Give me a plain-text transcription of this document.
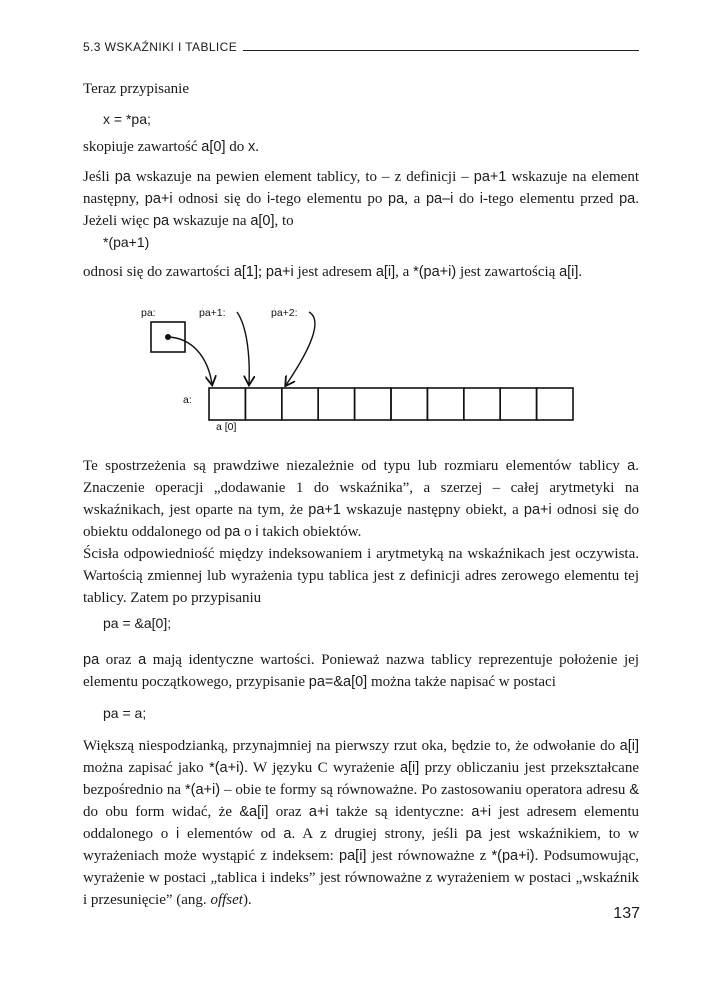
5.3 WSKAŹNIKI I TABLICE

Teraz przypisanie

x = *pa;

skopiuje zawartość a[0] do x.

Jeśli pa wskazuje na pewien element tablicy, to – z definicji – pa+1 wskazuje na element następny, pa+i odnosi się do i-tego elementu po pa, a pa–i do i-tego elementu przed pa. Jeżeli więc pa wskazuje na a[0], to

*(pa+1)

odnosi się do zawartości a[1]; pa+i jest adresem a[i], a *(pa+i) jest zawartością a[i].

pa:	pa+1:	pa+2:
a:
a [0]

Te spostrzeżenia są prawdziwe niezależnie od typu lub rozmiaru elementów tablicy a. Znaczenie operacji „dodawanie 1 do wskaźnika”, a szerzej – całej arytmetyki na wskaźnikach, jest oparte na tym, że pa+1 wskazuje następny obiekt, a pa+i odnosi się do obiektu oddalonego od pa o i takich obiektów.

Ścisła odpowiedniość między indeksowaniem i arytmetyką na wskaźnikach jest oczywista. Wartością zmiennej lub wyrażenia typu tablica jest z definicji adres zerowego elementu tej tablicy. Zatem po przypisaniu

pa = &a[0];

pa oraz a mają identyczne wartości. Ponieważ nazwa tablicy reprezentuje położenie jej elementu początkowego, przypisanie pa=&a[0] można także napisać w postaci

pa = a;

Większą niespodzianką, przynajmniej na pierwszy rzut oka, będzie to, że odwołanie do a[i] można zapisać jako *(a+i). W języku C wyrażenie a[i] przy obliczaniu jest przekształcane bezpośrednio na *(a+i) – obie te formy są równoważne. Po zastosowaniu operatora adresu & do obu form widać, że &a[i] oraz a+i także są identyczne: a+i jest adresem elementu oddalonego o i elementów od a. A z drugiej strony, jeśli pa jest wskaźnikiem, to w wyrażeniach może wystąpić z indeksem: pa[i] jest równoważne z *(pa+i). Podsumowując, wyrażenie w postaci „tablica i indeks” jest równoważne z wyrażeniem w postaci „wskaźnik i przesunięcie” (ang. offset).

137
